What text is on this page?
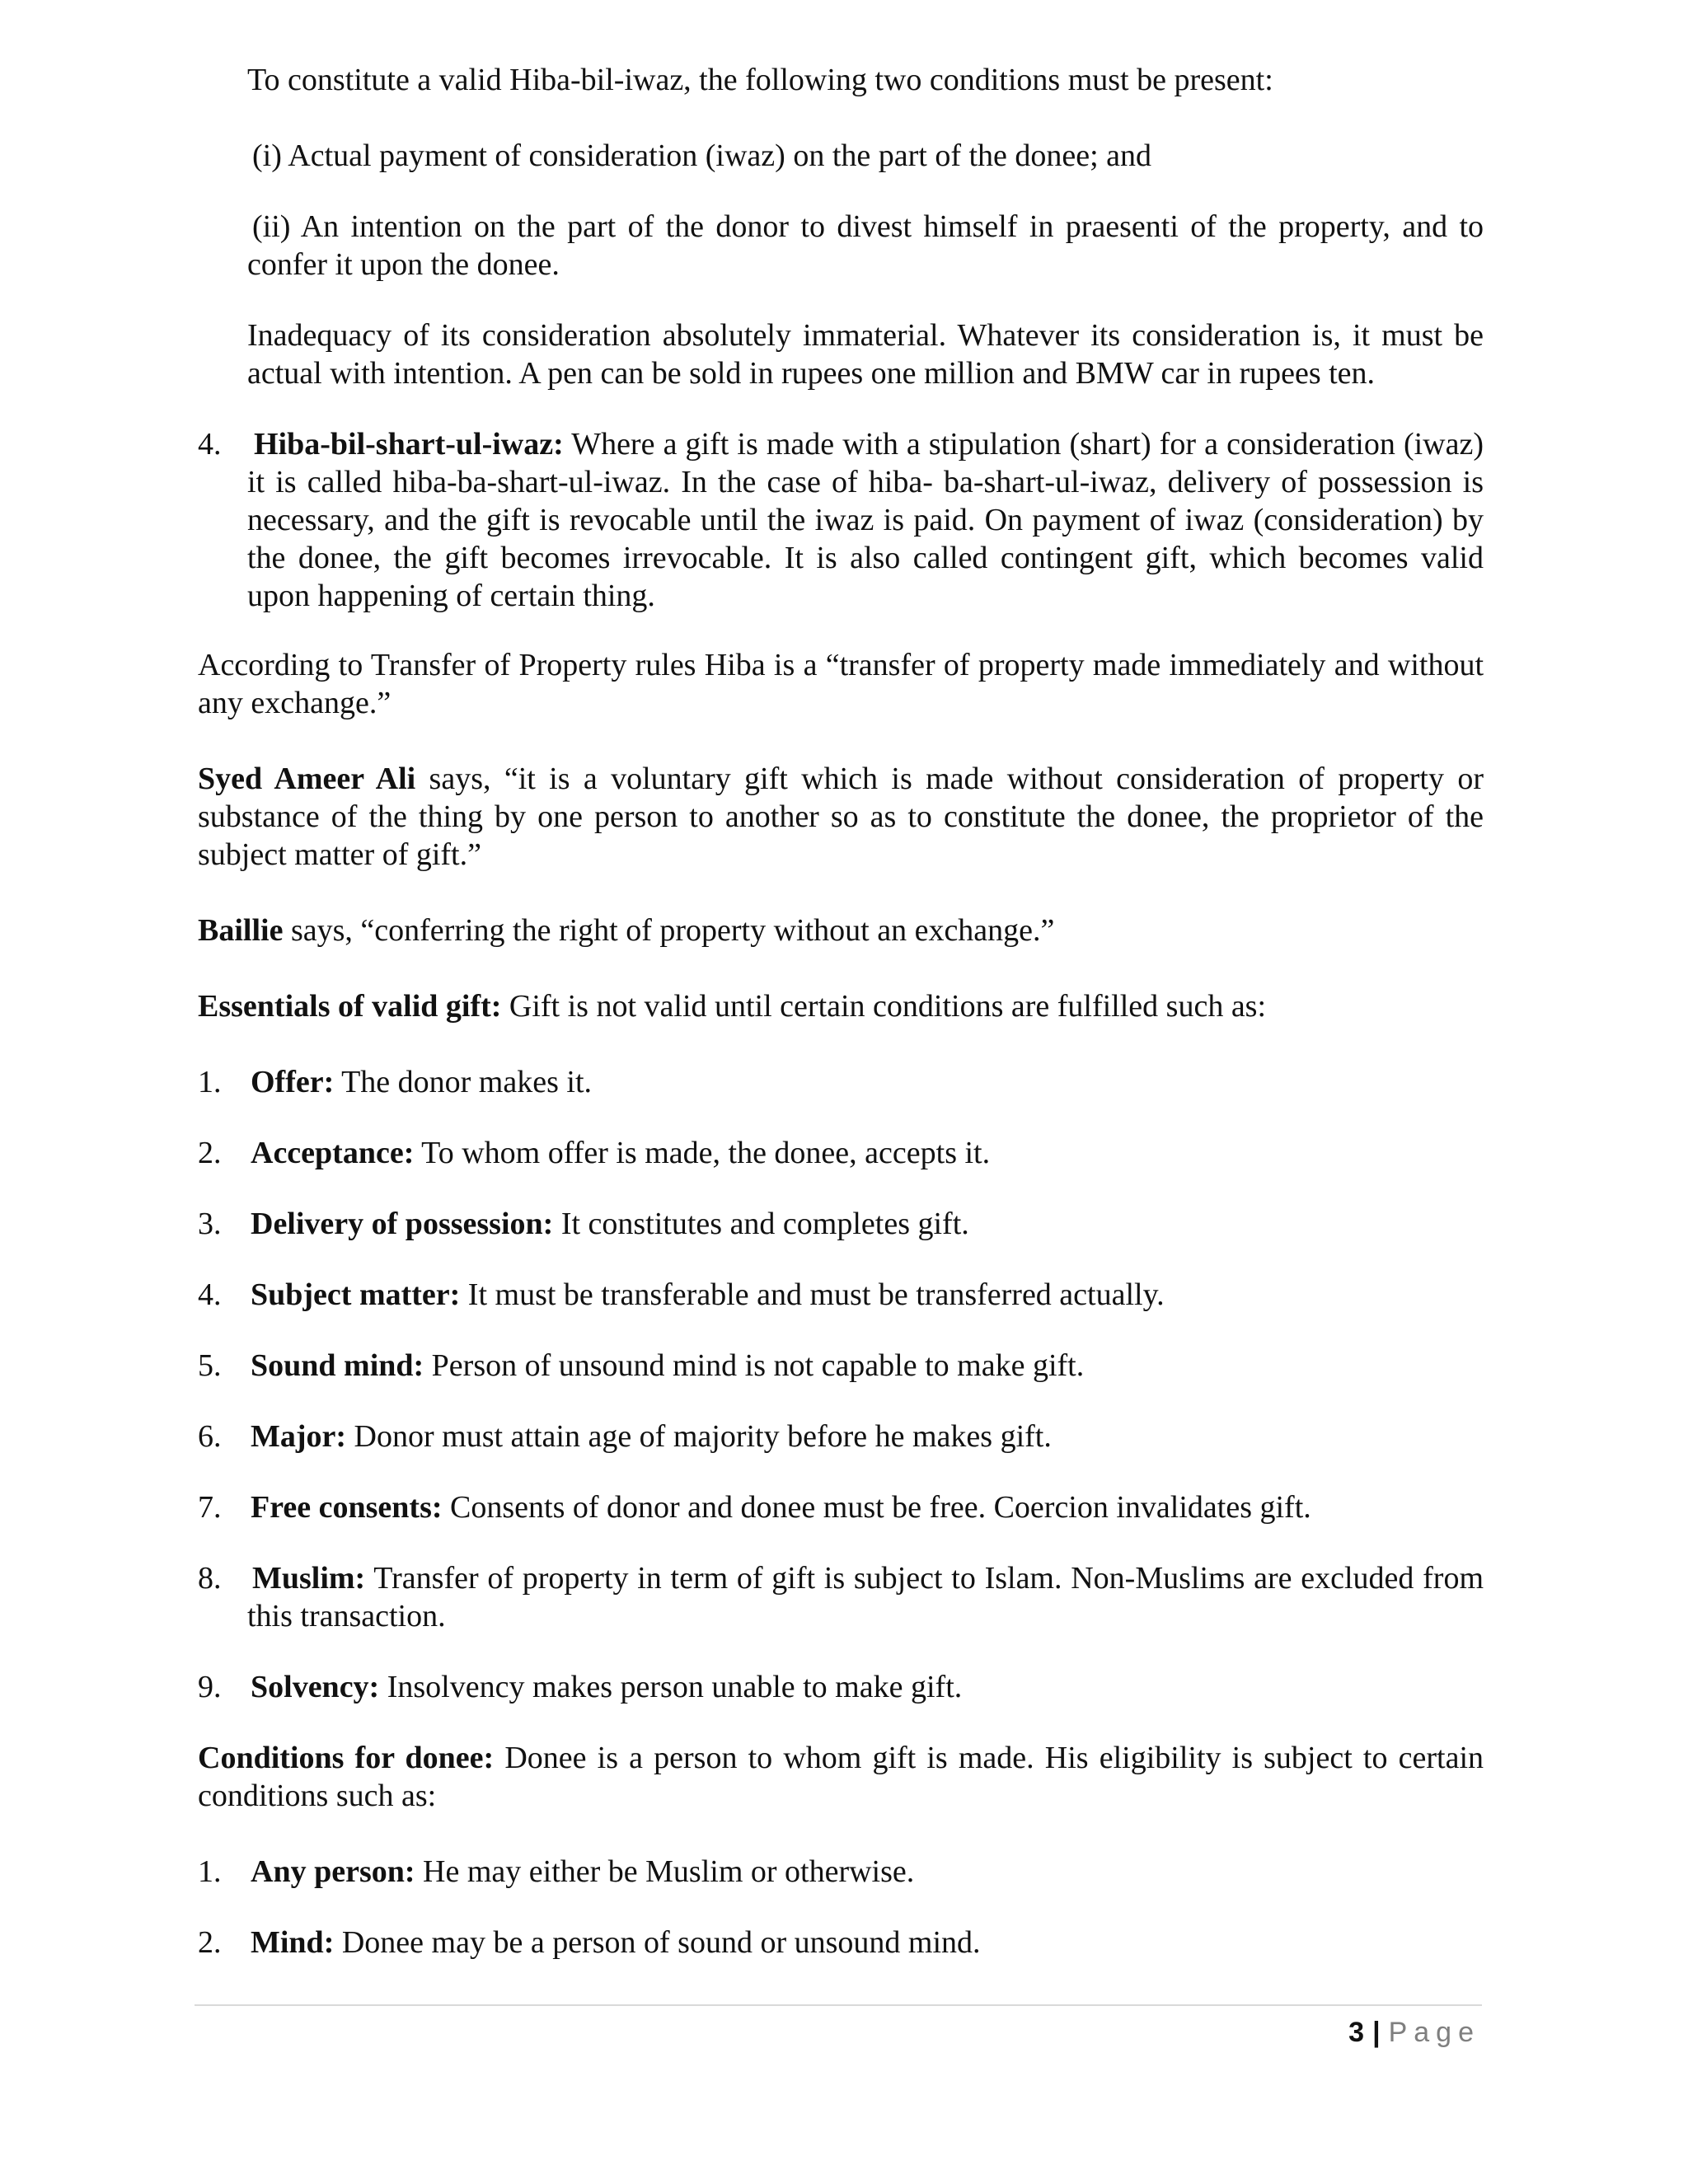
To constitute a valid Hiba-bil-iwaz, the following two conditions must be present:

(i) Actual payment of consideration (iwaz) on the part of the donee; and

(ii) An intention on the part of the donor to divest himself in praesenti of the property, and to confer it upon the donee.

Inadequacy of its consideration absolutely immaterial. Whatever its consideration is, it must be actual with intention. A pen can be sold in rupees one million and BMW car in rupees ten.

4. Hiba-bil-shart-ul-iwaz: Where a gift is made with a stipulation (shart) for a consideration (iwaz) it is called hiba-ba-shart-ul-iwaz. In the case of hiba- ba-shart-ul-iwaz, delivery of possession is necessary, and the gift is revocable until the iwaz is paid. On payment of iwaz (consideration) by the donee, the gift becomes irrevocable. It is also called contingent gift, which becomes valid upon happening of certain thing.

According to Transfer of Property rules Hiba is a “transfer of property made immediately and without any exchange.”

Syed Ameer Ali says, “it is a voluntary gift which is made without consideration of property or substance of the thing by one person to another so as to constitute the donee, the proprietor of the subject matter of gift.”

Baillie says, “conferring the right of property without an exchange.”

Essentials of valid gift: Gift is not valid until certain conditions are fulfilled such as:

1. Offer: The donor makes it.

2. Acceptance: To whom offer is made, the donee, accepts it.

3. Delivery of possession: It constitutes and completes gift.

4. Subject matter: It must be transferable and must be transferred actually.

5. Sound mind: Person of unsound mind is not capable to make gift.

6. Major: Donor must attain age of majority before he makes gift.

7. Free consents: Consents of donor and donee must be free. Coercion invalidates gift.

8. Muslim: Transfer of property in term of gift is subject to Islam. Non-Muslims are excluded from this transaction.

9. Solvency: Insolvency makes person unable to make gift.

Conditions for donee: Donee is a person to whom gift is made. His eligibility is subject to certain conditions such as:

1. Any person: He may either be Muslim or otherwise.

2. Mind: Donee may be a person of sound or unsound mind.

3 | Page
